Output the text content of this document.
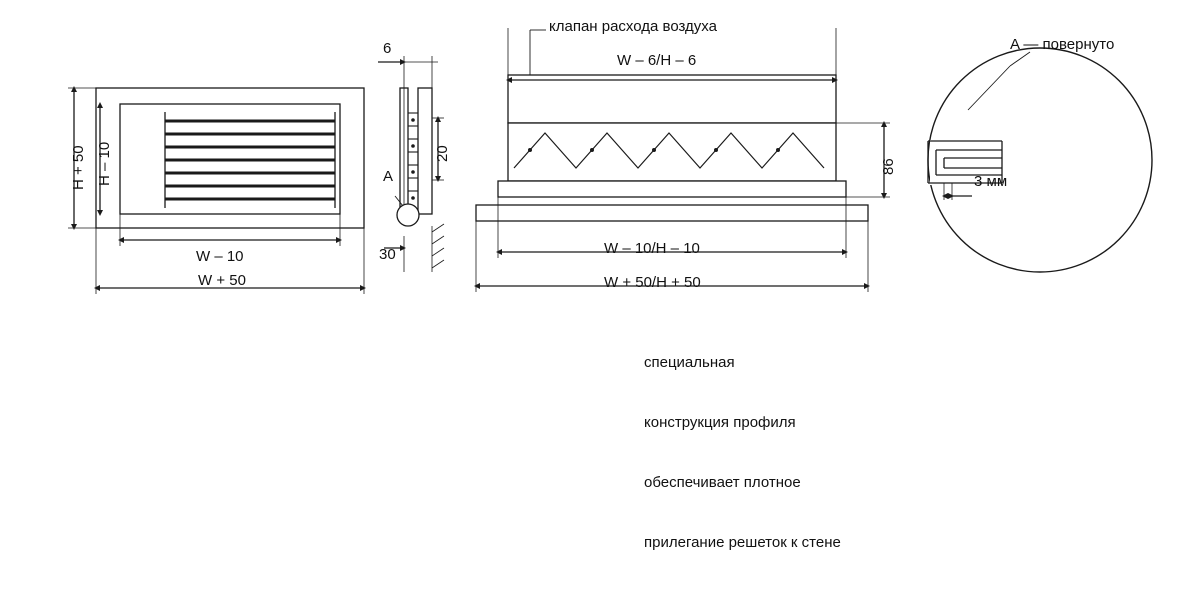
H + 50 H – 10
W – 10
W + 50
6
20
30
A
клапан расхода воздуха
W – 6/H – 6
86
W – 10/H – 10
W + 50/H + 50
A — повернуто
3 мм

специальная

конструкция профиля

обеспечивает плотное

прилегание решеток к стене
